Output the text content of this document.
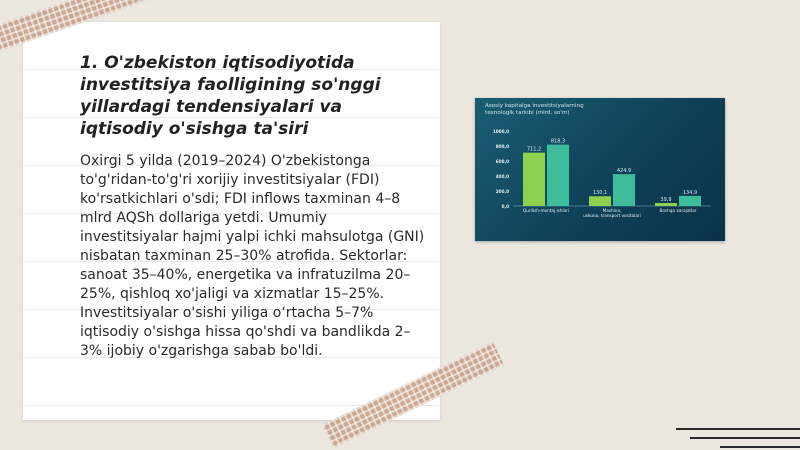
1. O'zbekiston iqtisodiyotida investitsiya faolligining so'nggi yillardagi tendensiyalari va iqtisodiy o'sishga ta'siri
Oxirgi 5 yilda (2019–2024) O'zbekistonga to'g'ridan-to'g'ri xorijiy investitsiyalar (FDI) ko'rsatkichlari o'sdi; FDI inflows taxminan 4–8 mlrd AQSh dollariga yetdi. Umumiy investitsiyalar hajmi yalpi ichki mahsulotga (GNI) nisbatan taxminan 25–30% atrofida. Sektorlar: sanoat 35–40%, energetika va infratuzilma 20–25%, qishloq xo'jaligi va xizmatlar 15–25%. Investitsiyalar o'sishi yiliga o‘rtacha 5–7% iqtisodiy o'sishga hissa qo'shdi va bandlikda 2–3% ijobiy o'zgarishga sabab bo'ldi.
Asosiy kapitalga investitsiyalarning
texnologik tarkibi (mlrd. so'm)
1000,0
800,0
600,0
400,0
200,0
0,0
711,2
818,3
Qurilish-montaj ishlari
130,1
424,9
Mashina,
uskuna, transport vositalari
39,9
134,9
Boshqa xarajatlar
